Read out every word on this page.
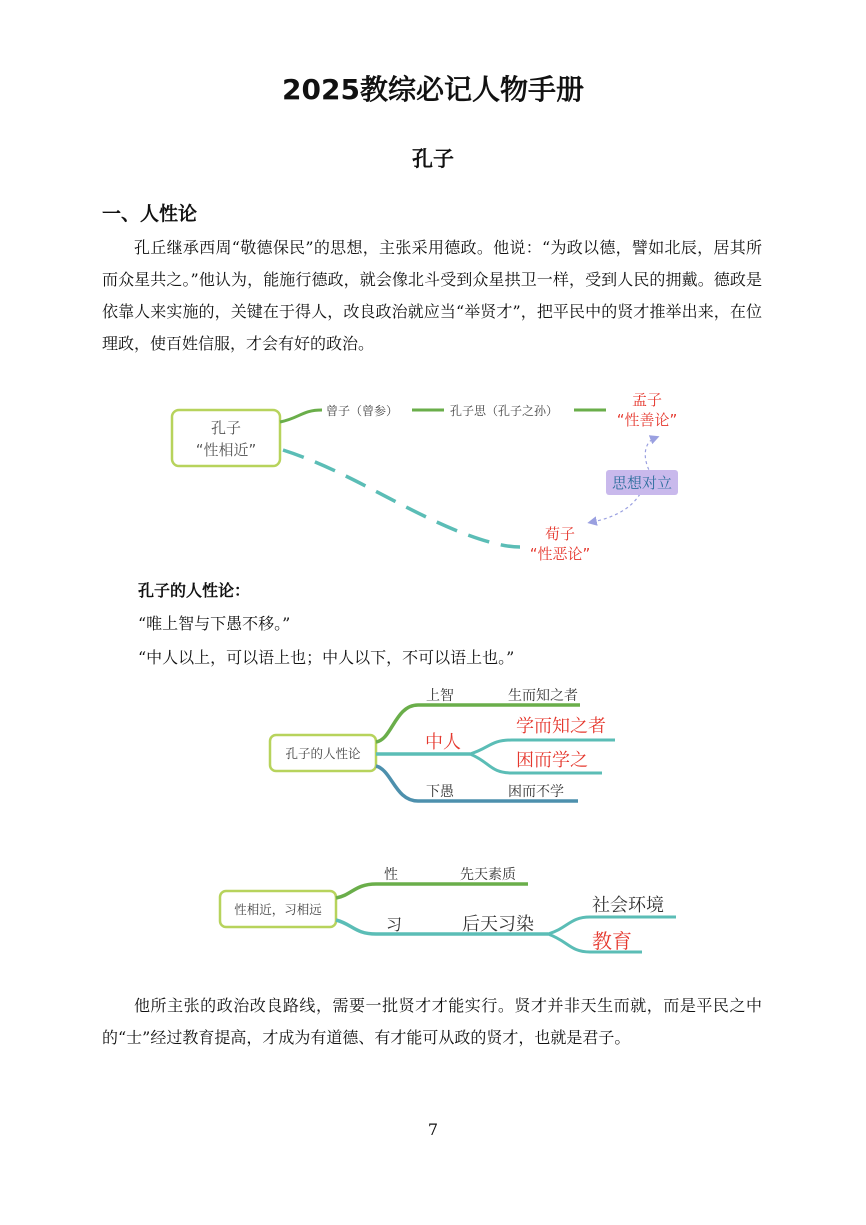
2025教综必记人物手册
孔子
一、人性论
孔丘继承西周“敬德保民”的思想，主张采用德政。他说：“为政以德，譬如北辰，居其所而众星共之。”他认为，能施行德政，就会像北斗受到众星拱卫一样，受到人民的拥戴。德政是依靠人来实施的，关键在于得人，改良政治就应当“举贤才”，把平民中的贤才推举出来，在位理政，使百姓信服，才会有好的政治。
孔子
“性相近”
曾子（曾参）	孔子思（孔子之孙）
孟子
“性善论”
荀子
“性恶论”
思想对立
孔子的人性论
上智	生而知之者
中人
学而知之者
困而学之
下愚	困而不学
性相近，习相远
性	先天素质
习	后天习染
社会环境
教育
孔子的人性论：
“唯上智与下愚不移。”
“中人以上，可以语上也；中人以下，不可以语上也。”
他所主张的政治改良路线，需要一批贤才才能实行。贤才并非天生而就，而是平民之中的“士”经过教育提高，才成为有道德、有才能可从政的贤才，也就是君子。
7
